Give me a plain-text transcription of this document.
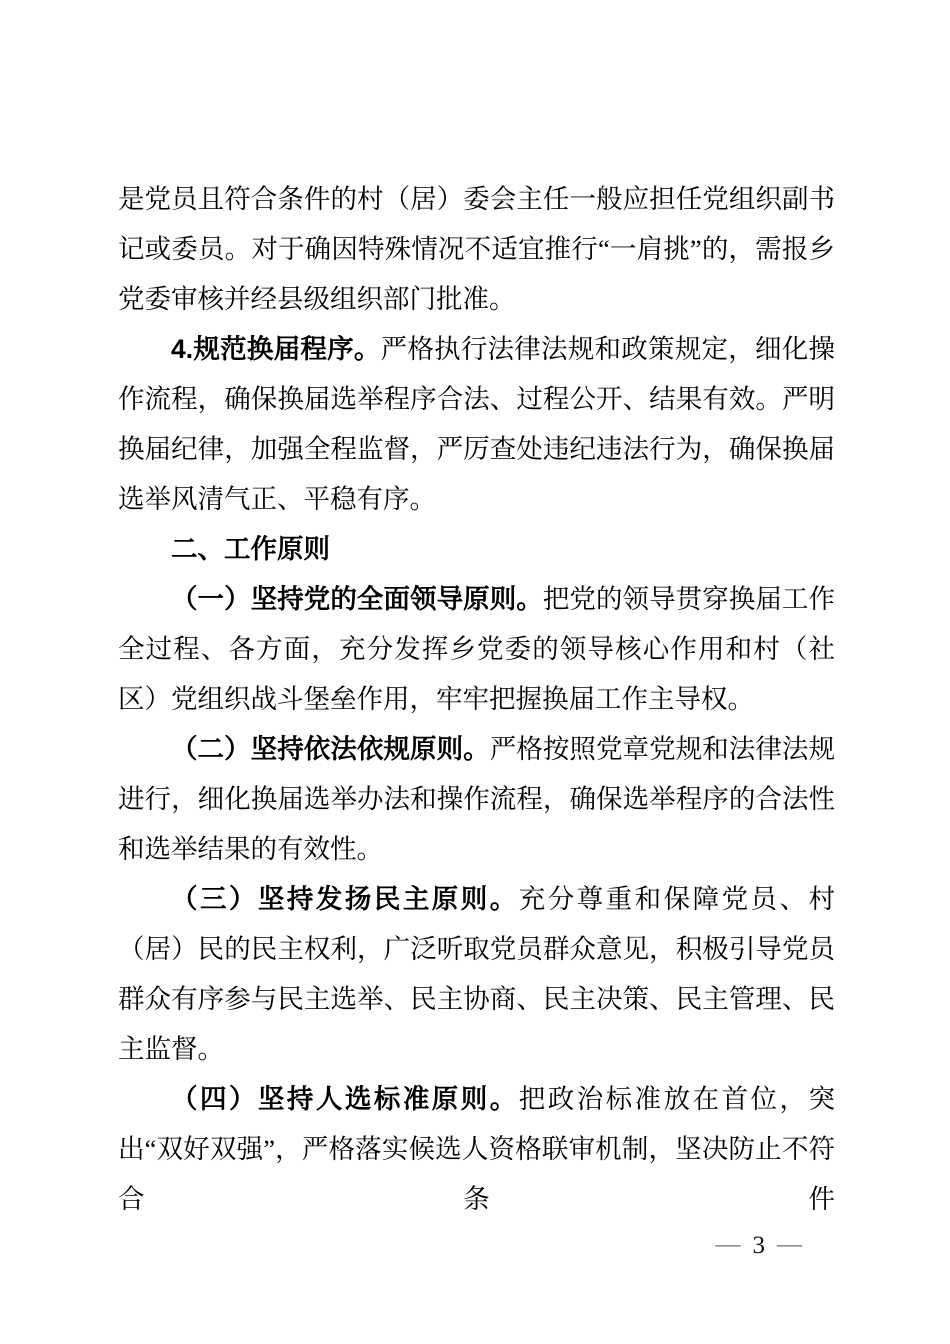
是党员且符合条件的村（居）委会主任一般应担任党组织副书记或委员。对于确因特殊情况不适宜推行“一肩挑”的，需报乡党委审核并经县级组织部门批准。

4.规范换届程序。严格执行法律法规和政策规定，细化操作流程，确保换届选举程序合法、过程公开、结果有效。严明换届纪律，加强全程监督，严厉查处违纪违法行为，确保换届选举风清气正、平稳有序。

二、工作原则

（一）坚持党的全面领导原则。把党的领导贯穿换届工作全过程、各方面，充分发挥乡党委的领导核心作用和村（社区）党组织战斗堡垒作用，牢牢把握换届工作主导权。

（二）坚持依法依规原则。严格按照党章党规和法律法规进行，细化换届选举办法和操作流程，确保选举程序的合法性和选举结果的有效性。

（三）坚持发扬民主原则。充分尊重和保障党员、村（居）民的民主权利，广泛听取党员群众意见，积极引导党员群众有序参与民主选举、民主协商、民主决策、民主管理、民主监督。

（四）坚持人选标准原则。把政治标准放在首位，突出“双好双强”，严格落实候选人资格联审机制，坚决防止不符合条件

— 3 —
